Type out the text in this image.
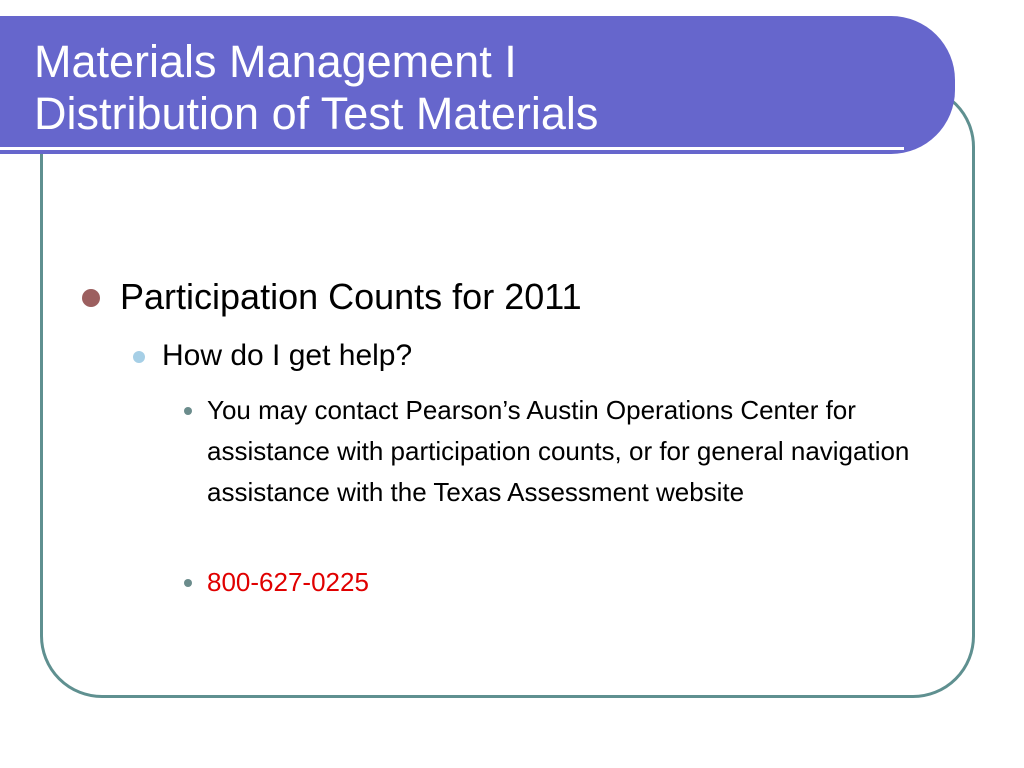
Materials Management I
Distribution of Test Materials
Participation Counts for 2011
How do I get help?
You may contact Pearson’s Austin Operations Center for assistance with participation counts, or for general navigation assistance with the Texas Assessment website
800-627-0225
